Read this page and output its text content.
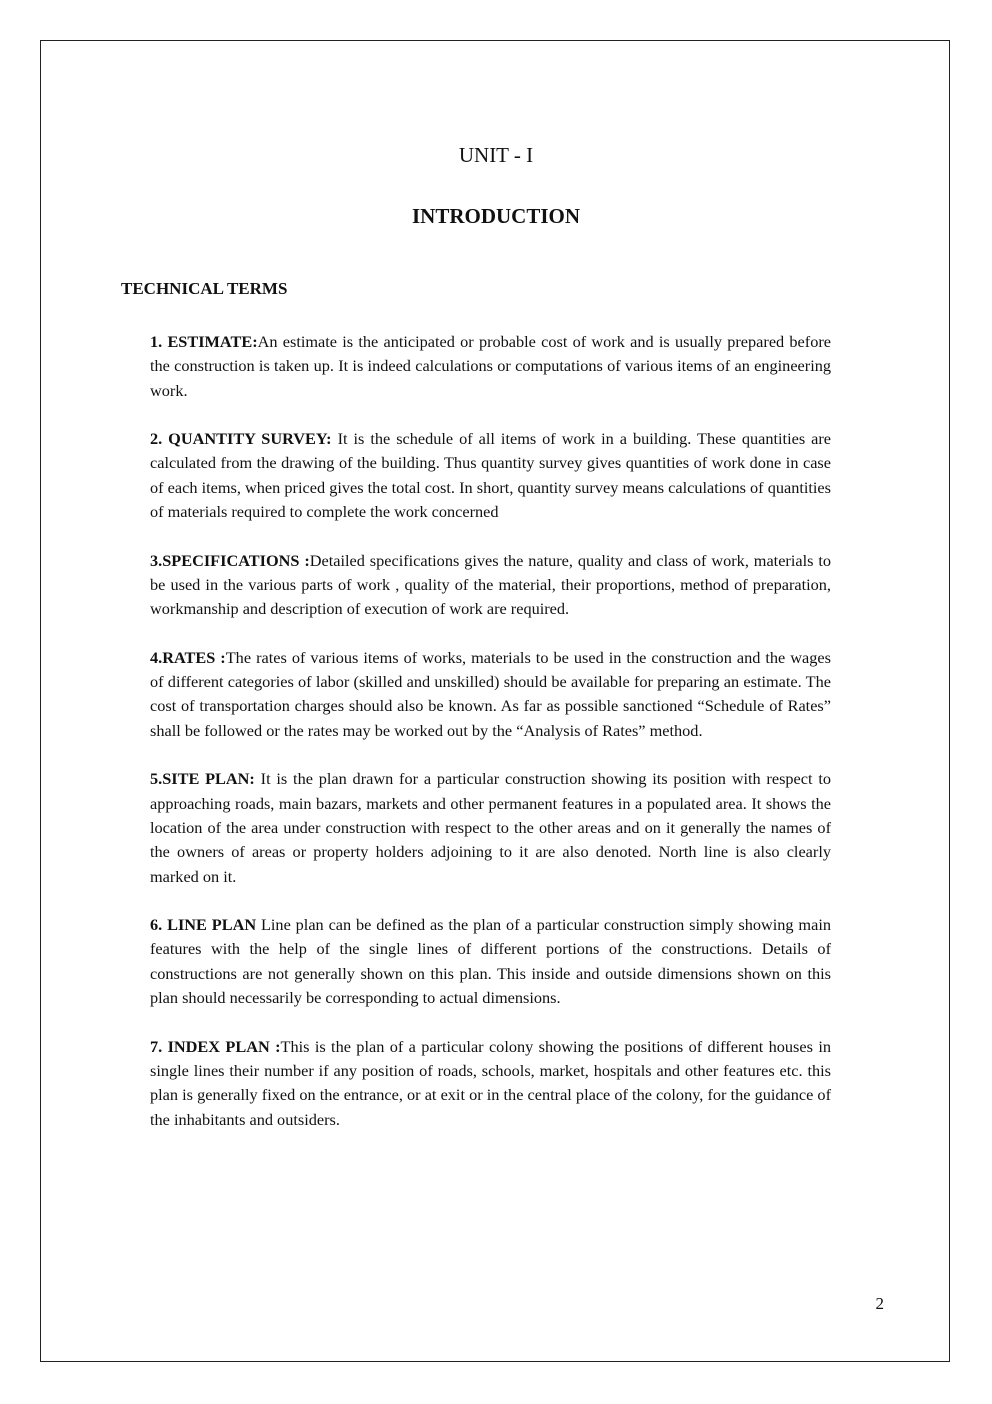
UNIT - I
INTRODUCTION
TECHNICAL TERMS

1. ESTIMATE:An estimate is the anticipated or probable cost of work and is usually prepared before the construction is taken up. It is indeed calculations or computations of various items of an engineering work.

2. QUANTITY SURVEY: It is the schedule of all items of work in a building. These quantities are calculated from the drawing of the building. Thus quantity survey gives quantities of work done in case of each items, when priced gives the total cost. In short, quantity survey means calculations of quantities of materials required to complete the work concerned

3.SPECIFICATIONS :Detailed specifications gives the nature, quality and class of work, materials to be used in the various parts of work , quality of the material, their proportions, method of preparation, workmanship and description of execution of work are required.

4.RATES :The rates of various items of works, materials to be used in the construction and the wages of different categories of labor (skilled and unskilled) should be available for preparing an estimate. The cost of transportation charges should also be known. As far as possible sanctioned “Schedule of Rates” shall be followed or the rates may be worked out by the “Analysis of Rates” method.

5.SITE PLAN: It is the plan drawn for a particular construction showing its position with respect to approaching roads, main bazars, markets and other permanent features in a populated area. It shows the location of the area under construction with respect to the other areas and on it generally the names of the owners of areas or property holders adjoining to it are also denoted. North line is also clearly marked on it.

6. LINE PLAN Line plan can be defined as the plan of a particular construction simply showing main features with the help of the single lines of different portions of the constructions. Details of constructions are not generally shown on this plan. This inside and outside dimensions shown on this plan should necessarily be corresponding to actual dimensions.

7. INDEX PLAN :This is the plan of a particular colony showing the positions of different houses in single lines their number if any position of roads, schools, market, hospitals and other features etc. this plan is generally fixed on the entrance, or at exit or in the central place of the colony, for the guidance of the inhabitants and outsiders.

2
